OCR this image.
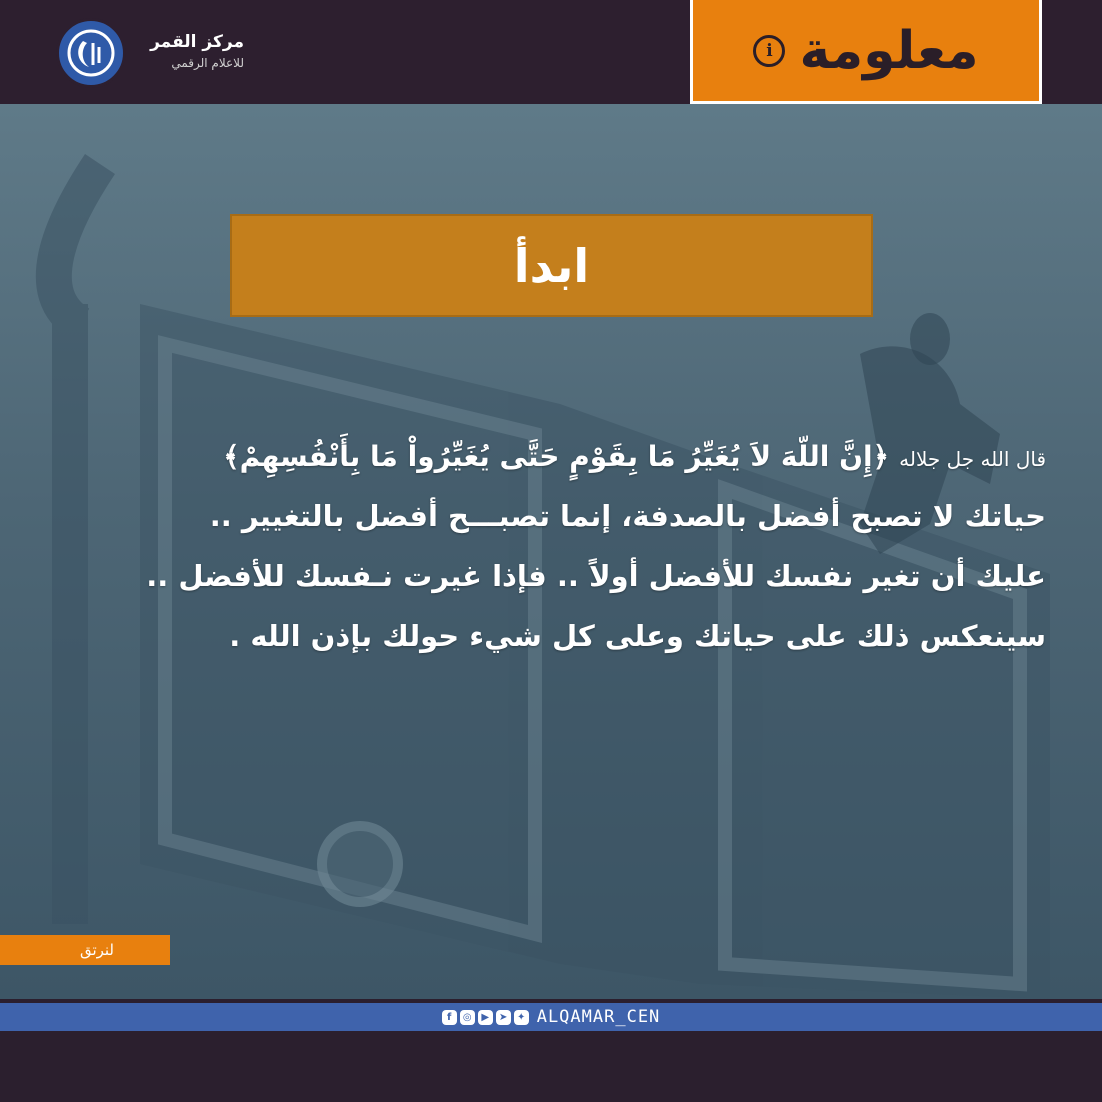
ابدأ
قال الله جل جلاله ﴿إِنَّ اللّهَ لاَ يُغَيِّرُ مَا بِقَوْمٍ حَتَّى يُغَيِّرُواْ مَا بِأَنْفُسِهِمْ﴾
حياتك لا تصبح أفضل بالصدفة، إنما تصبـــح أفضل بالتغيير ..
عليك أن تغير نفسك للأفضل أولاً .. فإذا غيرت نـفسك للأفضل ..
سينعكس ذلك على حياتك وعلى كل شيء حولك بإذن الله .
لنرتق
مركز القمر
للاعلام الرقمي	معلومة
i
f	◎ ▶ ➤ ✦ ALQAMAR_CEN
